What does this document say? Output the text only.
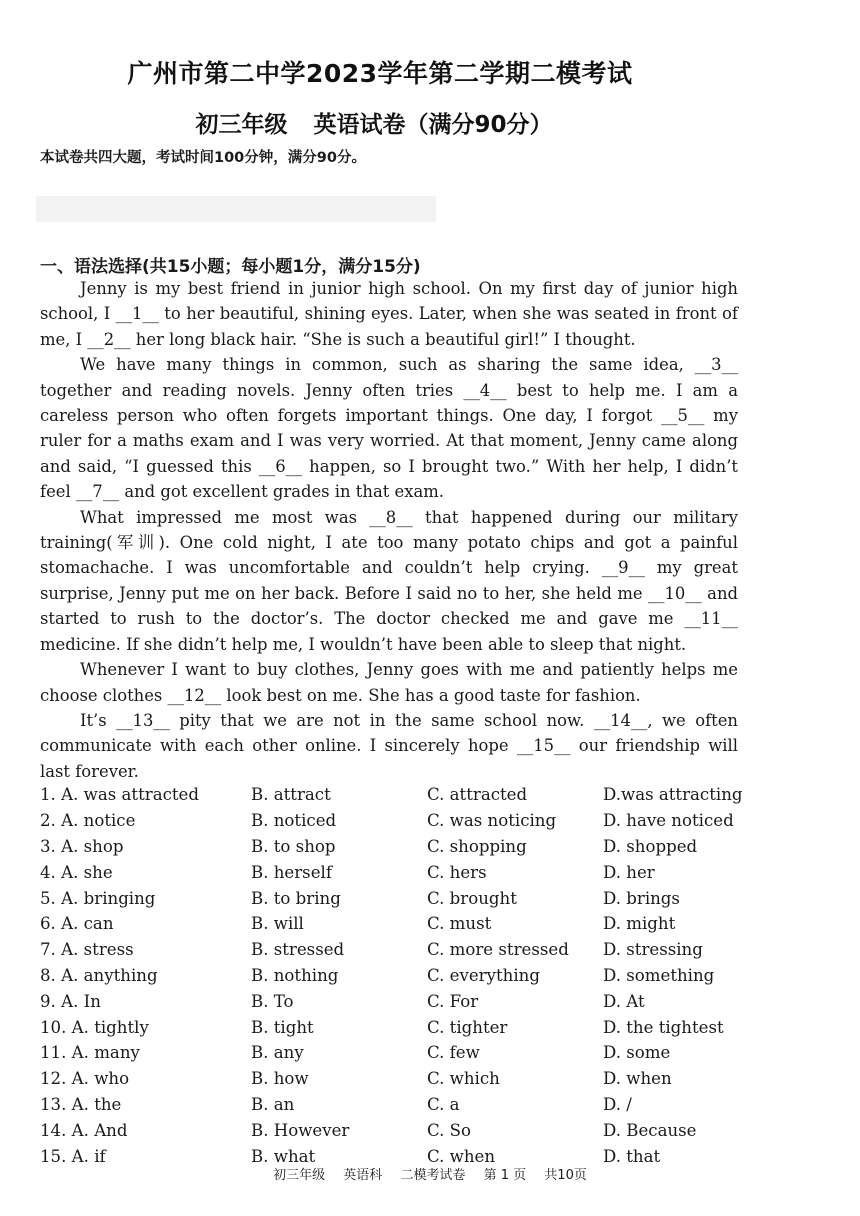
广州市第二中学2023学年第二学期二模考试
初三年级 英语试卷（满分90分）
本试卷共四大题，考试时间100分钟，满分90分。
一、语法选择(共15小题；每小题1分，满分15分)

Jenny is my best friend in junior high school. On my first day of junior high school, I __1__ to her beautiful, shining eyes. Later, when she was seated in front of me, I __2__ her long black hair. “She is such a beautiful girl!” I thought.

We have many things in common, such as sharing the same idea, __3__ together and reading novels. Jenny often tries __4__ best to help me. I am a careless person who often forgets important things. One day, I forgot __5__ my ruler for a maths exam and I was very worried. At that moment, Jenny came along and said, “I guessed this __6__ happen, so I brought two.” With her help, I didn’t feel __7__ and got excellent grades in that exam.

What impressed me most was __8__ that happened during our military training(军训). One cold night, I ate too many potato chips and got a painful stomachache. I was uncomfortable and couldn’t help crying. __9__ my great surprise, Jenny put me on her back. Before I said no to her, she held me __10__ and started to rush to the doctor’s. The doctor checked me and gave me __11__ medicine. If she didn’t help me, I wouldn’t have been able to sleep that night.

Whenever I want to buy clothes, Jenny goes with me and patiently helps me choose clothes __12__ look best on me. She has a good taste for fashion.

It’s __13__ pity that we are not in the same school now. __14__, we often communicate with each other online. I sincerely hope __15__ our friendship will last forever.

1. A. was attracted	B. attract	C. attracted	D.was attracting
2. A. notice	B. noticed	C. was noticing	D. have noticed
3. A. shop	B. to shop	C. shopping	D. shopped
4. A. she	B. herself	C. hers	D. her
5. A. bringing	B. to bring	C. brought	D. brings
6. A. can	B. will	C. must	D. might
7. A. stress	B. stressed	C. more stressed D. stressing
8. A. anything	B. nothing	C. everything	D. something
9. A. In	B. To	C. For	D. At
10. A. tightly	B. tight	C. tighter	D. the tightest
11. A. many	B. any	C. few	D. some
12. A. who	B. how	C. which	D. when
13. A. the	B. an	C. a	D. /
14. A. And	B. However	C. So	D. Because
15. A. if	B. what	C. when	D. that
初三年级 英语科 二模考试卷 第 1 页 共10页
